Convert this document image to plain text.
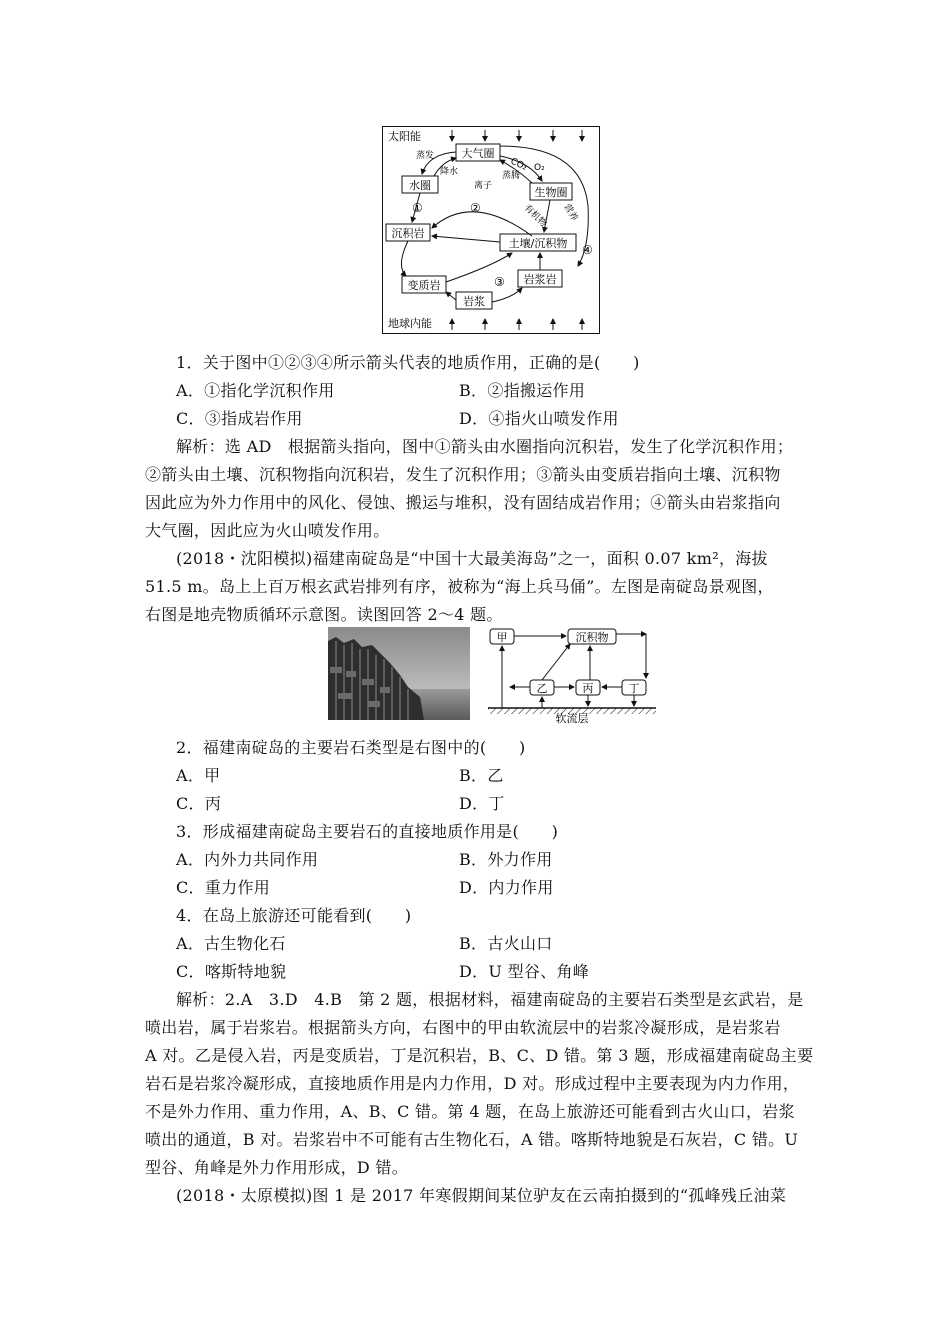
太阳能
地球内能
大气圈
水圈
生物圈
沉积岩
土壤/沉积物
变质岩	岩浆岩
岩浆
蒸发
降水	CO₂ O₂
蒸腾
离子
有机物 营养
①	②
③
④
1．关于图中①②③④所示箭头代表的地质作用，正确的是(　　)
A．①指化学沉积作用	B．②指搬运作用
C．③指成岩作用	D．④指火山喷发作用
解析：选 AD　根据箭头指向，图中①箭头由水圈指向沉积岩，发生了化学沉积作用；
②箭头由土壤、沉积物指向沉积岩，发生了沉积作用；③箭头由变质岩指向土壤、沉积物
因此应为外力作用中的风化、侵蚀、搬运与堆积，没有固结成岩作用；④箭头由岩浆指向
大气圈，因此应为火山喷发作用。
(2018・沈阳模拟)福建南碇岛是“中国十大最美海岛”之一，面积 0.07 km²，海拔
51.5 m。岛上上百万根玄武岩排列有序，被称为“海上兵马俑”。左图是南碇岛景观图，
右图是地壳物质循环示意图。读图回答 2～4 题。
甲	沉积物
乙	丙	丁
软流层
2．福建南碇岛的主要岩石类型是右图中的(　　)
A．甲	B．乙
C．丙	D．丁
3．形成福建南碇岛主要岩石的直接地质作用是(　　)
A．内外力共同作用	B．外力作用
C．重力作用	D．内力作用
4．在岛上旅游还可能看到(　　)
A．古生物化石	B．古火山口
C．喀斯特地貌	D．U 型谷、角峰
解析：2.A　3.D　4.B　第 2 题，根据材料，福建南碇岛的主要岩石类型是玄武岩，是
喷出岩，属于岩浆岩。根据箭头方向，右图中的甲由软流层中的岩浆冷凝形成，是岩浆岩
A 对。乙是侵入岩，丙是变质岩，丁是沉积岩，B、C、D 错。第 3 题，形成福建南碇岛主要
岩石是岩浆冷凝形成，直接地质作用是内力作用，D 对。形成过程中主要表现为内力作用，
不是外力作用、重力作用，A、B、C 错。第 4 题，在岛上旅游还可能看到古火山口，岩浆
喷出的通道，B 对。岩浆岩中不可能有古生物化石，A 错。喀斯特地貌是石灰岩，C 错。U
型谷、角峰是外力作用形成，D 错。
(2018・太原模拟)图 1 是 2017 年寒假期间某位驴友在云南拍摄到的“孤峰残丘油菜
